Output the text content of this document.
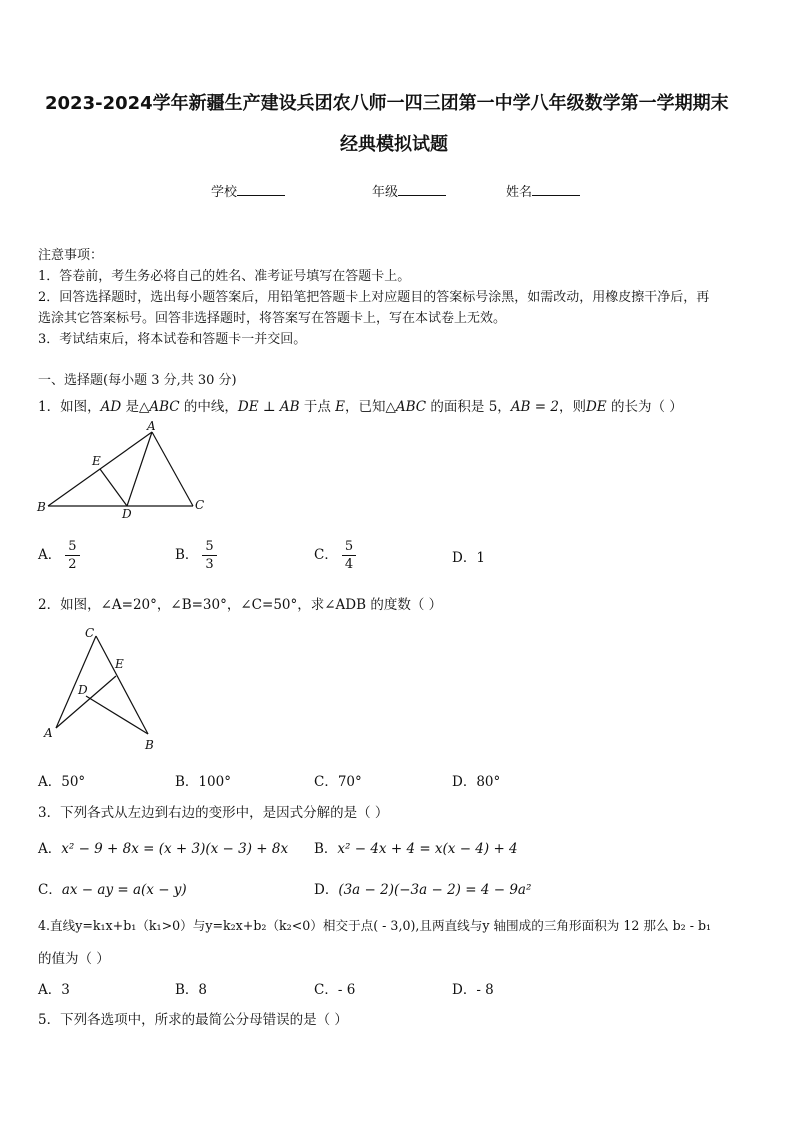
2023-2024学年新疆生产建设兵团农八师一四三团第一中学八年级数学第一学期期末
经典模拟试题
学校	年级	姓名
注意事项：
1．答卷前，考生务必将自己的姓名、准考证号填写在答题卡上。
2．回答选择题时，选出每小题答案后，用铅笔把答题卡上对应题目的答案标号涂黑，如需改动，用橡皮擦干净后，再
选涂其它答案标号。回答非选择题时，将答案写在答题卡上，写在本试卷上无效。
3．考试结束后，将本试卷和答题卡一并交回。
一、选择题(每小题 3 分,共 30 分)
1．如图，AD 是△ABC 的中线，DE ⊥ AB 于点 E，已知△ABC 的面积是 5，AB = 2，则DE 的长为（ ）
A
E
B	D
C
A． $\frac{5}{2}$	B． $\frac{5}{3}$	C． $\frac{5}{4}$	D．1
2．如图，∠A=20°，∠B=30°，∠C=50°，求∠ADB 的度数（ ）
C
E
D
A
B
A．50°	B．100°	C．70°	D．80°
3．下列各式从左边到右边的变形中，是因式分解的是（ ）
A．x² − 9 + 8x = (x + 3)(x − 3) + 8x B．x² − 4x + 4 = x(x − 4) + 4
C．ax − ay = a(x − y)	D．(3a − 2)(−3a − 2) = 4 − 9a²
4.直线y=k₁x+b₁（k₁>0）与y=k₂x+b₂（k₂<0）相交于点( - 3,0),且两直线与y 轴围成的三角形面积为 12 那么 b₂ - b₁
的值为（ ）
A．3	B．8	C．- 6	D．- 8
5．下列各选项中，所求的最简公分母错误的是（ ）
